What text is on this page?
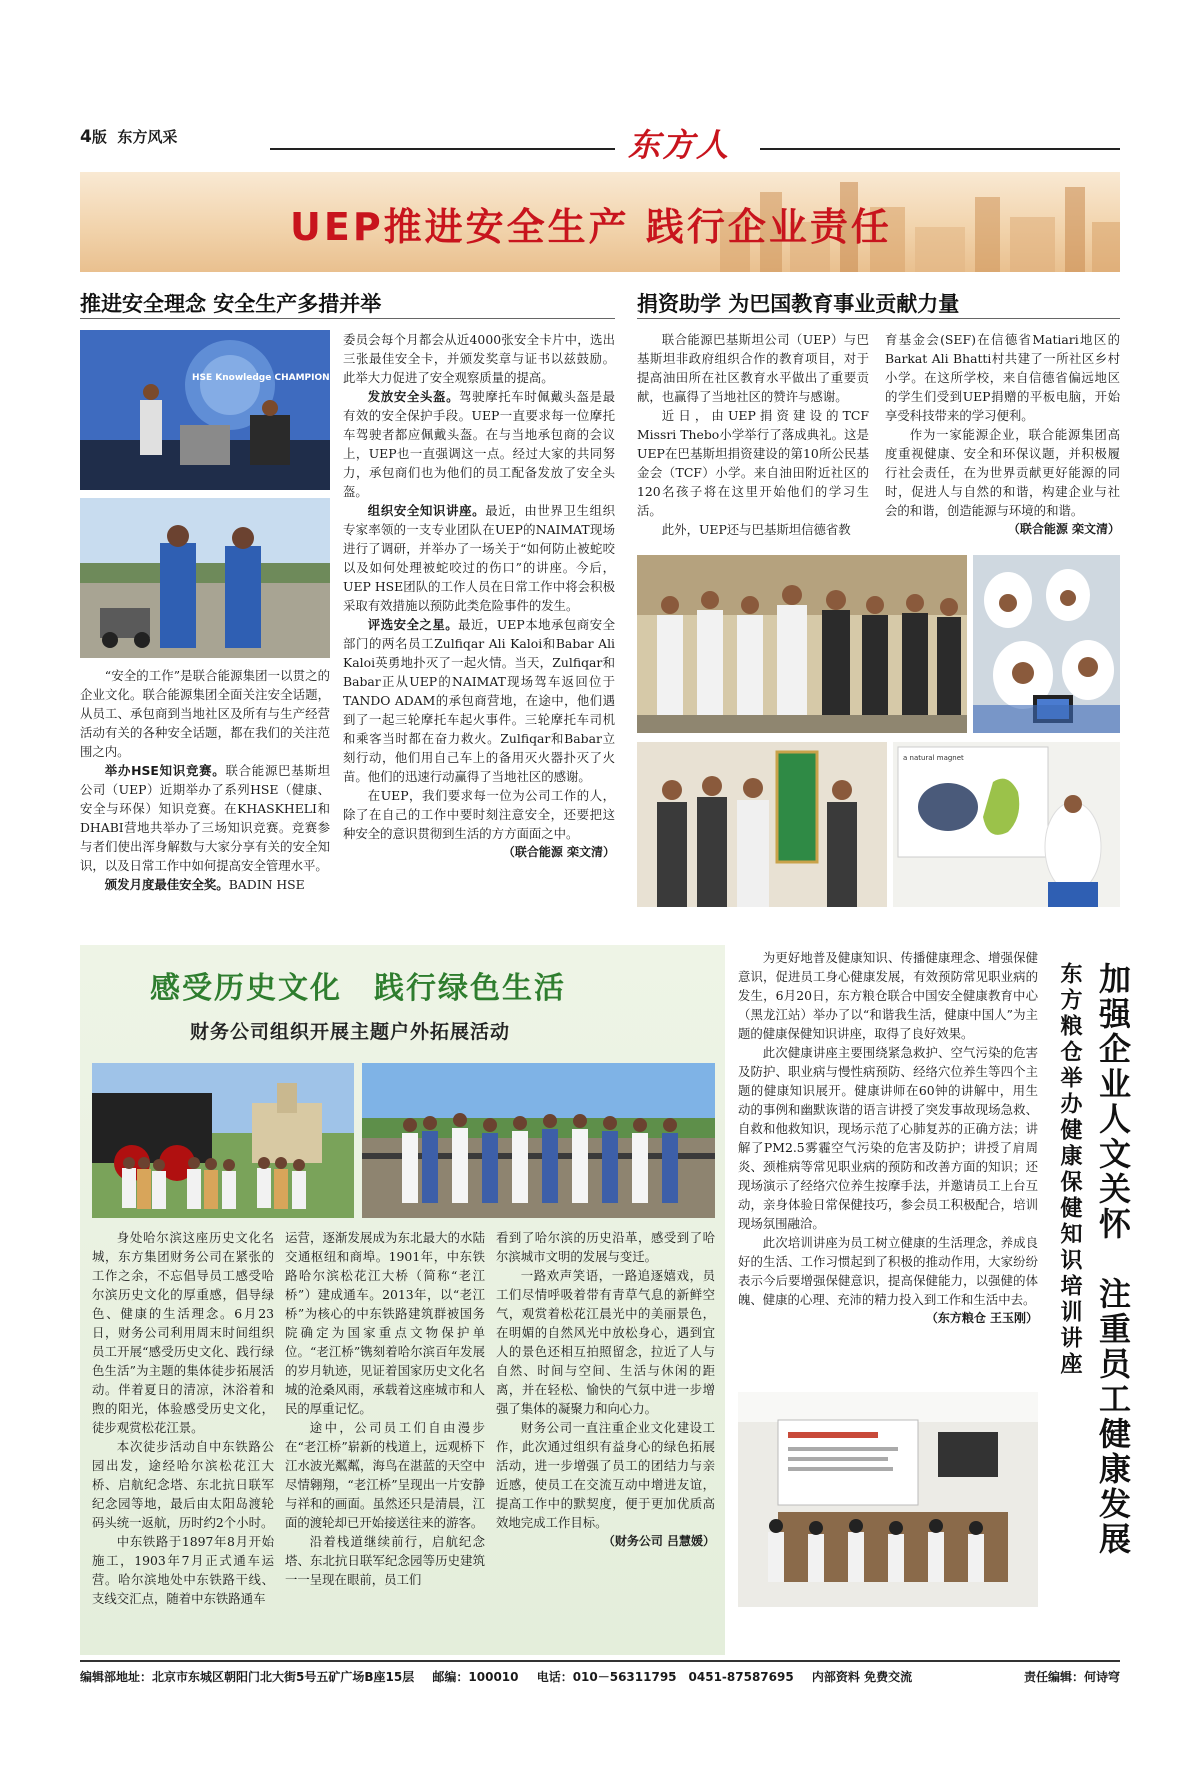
4版 东方风采	东方人
UEP推进安全生产 践行企业责任
推进安全理念 安全生产多措并举
HSE Knowledge CHAMPION 2017

“安全的工作”是联合能源集团一以贯之的企业文化。联合能源集团全面关注安全话题，从员工、承包商到当地社区及所有与生产经营活动有关的各种安全话题，都在我们的关注范围之内。

举办HSE知识竞赛。联合能源巴基斯坦公司（UEP）近期举办了系列HSE（健康、安全与环保）知识竞赛。在KHASKHELI和DHABI营地共举办了三场知识竞赛。竞赛参与者们使出浑身解数与大家分享有关的安全知识，以及日常工作中如何提高安全管理水平。

颁发月度最佳安全奖。BADIN HSE

委员会每个月都会从近4000张安全卡片中，选出三张最佳安全卡，并颁发奖章与证书以兹鼓励。此举大力促进了安全观察质量的提高。

发放安全头盔。驾驶摩托车时佩戴头盔是最有效的安全保护手段。UEP一直要求每一位摩托车驾驶者都应佩戴头盔。在与当地承包商的会议上，UEP也一直强调这一点。经过大家的共同努力，承包商们也为他们的员工配备发放了安全头盔。

组织安全知识讲座。最近，由世界卫生组织专家率领的一支专业团队在UEP的NAIMAT现场进行了调研，并举办了一场关于“如何防止被蛇咬以及如何处理被蛇咬过的伤口”的讲座。今后，UEP HSE团队的工作人员在日常工作中将会积极采取有效措施以预防此类危险事件的发生。

评选安全之星。最近，UEP本地承包商安全部门的两名员工Zulfiqar Ali Kaloi和Babar Ali Kaloi英勇地扑灭了一起火情。当天，Zulfiqar和Babar正从UEP的NAIMAT现场驾车返回位于TANDO ADAM的承包商营地，在途中，他们遇到了一起三轮摩托车起火事件。三轮摩托车司机和乘客当时都在奋力救火。Zulfiqar和Babar立刻行动，他们用自己车上的备用灭火器扑灭了火苗。他们的迅速行动赢得了当地社区的感谢。

在UEP，我们要求每一位为公司工作的人，除了在自己的工作中要时刻注意安全，还要把这种安全的意识贯彻到生活的方方面面之中。

（联合能源 栾文清）
捐资助学 为巴国教育事业贡献力量

联合能源巴基斯坦公司（UEP）与巴基斯坦非政府组织合作的教育项目，对于提高油田所在社区教育水平做出了重要贡献，也赢得了当地社区的赞许与感谢。

近日，由UEP捐资建设的TCF Missri Thebo小学举行了落成典礼。这是UEP在巴基斯坦捐资建设的第10所公民基金会（TCF）小学。来自油田附近社区的120名孩子将在这里开始他们的学习生活。

此外，UEP还与巴基斯坦信德省教

育基金会(SEF)在信德省Matiari地区的Barkat Ali Bhatti村共建了一所社区乡村小学。在这所学校，来自信德省偏远地区的学生们受到UEP捐赠的平板电脑，开始享受科技带来的学习便利。

作为一家能源企业，联合能源集团高度重视健康、安全和环保议题，并积极履行社会责任，在为世界贡献更好能源的同时，促进人与自然的和谐，构建企业与社会的和谐，创造能源与环境的和谐。

（联合能源 栾文清）
a natural magnet
感受历史文化　践行绿色生活
财务公司组织开展主题户外拓展活动

身处哈尔滨这座历史文化名城，东方集团财务公司在紧张的工作之余，不忘倡导员工感受哈尔滨历史文化的厚重感，倡导绿色、健康的生活理念。6月23日，财务公司利用周末时间组织员工开展“感受历史文化、践行绿色生活”为主题的集体徒步拓展活动。伴着夏日的清凉，沐浴着和煦的阳光，体验感受历史文化，徒步观赏松花江景。

本次徒步活动自中东铁路公园出发，途经哈尔滨松花江大桥、启航纪念塔、东北抗日联军纪念园等地，最后由太阳岛渡轮码头统一返航，历时约2个小时。

中东铁路于1897年8月开始施工，1903年7月正式通车运营。哈尔滨地处中东铁路干线、支线交汇点，随着中东铁路通车

运营，逐渐发展成为东北最大的水陆交通枢纽和商埠。1901年，中东铁路哈尔滨松花江大桥（简称“老江桥”）建成通车。2013年，以“老江桥”为核心的中东铁路建筑群被国务院确定为国家重点文物保护单位。“老江桥”镌刻着哈尔滨百年发展的岁月轨迹，见证着国家历史文化名城的沧桑风雨，承载着这座城市和人民的厚重记忆。

途中，公司员工们自由漫步在“老江桥”崭新的栈道上，远观桥下江水波光粼粼，海鸟在湛蓝的天空中尽情翱翔，“老江桥”呈现出一片安静与祥和的画面。虽然还只是清晨，江面的渡轮却已开始接送往来的游客。

沿着栈道继续前行，启航纪念塔、东北抗日联军纪念园等历史建筑一一呈现在眼前，员工们

看到了哈尔滨的历史沿革，感受到了哈尔滨城市文明的发展与变迁。

一路欢声笑语，一路追逐嬉戏，员工们尽情呼吸着带有青草气息的新鲜空气，观赏着松花江晨光中的美丽景色，在明媚的自然风光中放松身心，遇到宜人的景色还相互拍照留念，拉近了人与自然、时间与空间、生活与休闲的距离，并在轻松、愉快的气氛中进一步增强了集体的凝聚力和向心力。

财务公司一直注重企业文化建设工作，此次通过组织有益身心的绿色拓展活动，进一步增强了员工的团结力与亲近感，使员工在交流互动中增进友谊，提高工作中的默契度，便于更加优质高效地完成工作目标。

（财务公司 吕慧媛）

为更好地普及健康知识、传播健康理念、增强保健意识，促进员工身心健康发展，有效预防常见职业病的发生，6月20日，东方粮仓联合中国安全健康教育中心（黑龙江站）举办了以“和谐我生活，健康中国人”为主题的健康保健知识讲座，取得了良好效果。

此次健康讲座主要围绕紧急救护、空气污染的危害及防护、职业病与慢性病预防、经络穴位养生等四个主题的健康知识展开。健康讲师在60钟的讲解中，用生动的事例和幽默诙谐的语言讲授了突发事故现场急救、自救和他救知识，现场示范了心肺复苏的正确方法；讲解了PM2.5雾霾空气污染的危害及防护；讲授了肩周炎、颈椎病等常见职业病的预防和改善方面的知识；还现场演示了经络穴位养生按摩手法，并邀请员工上台互动，亲身体验日常保健技巧，参会员工积极配合，培训现场氛围融洽。

此次培训讲座为员工树立健康的生活理念，养成良好的生活、工作习惯起到了积极的推动作用，大家纷纷表示今后要增强保健意识，提高保健能力，以强健的体魄、健康的心理、充沛的精力投入到工作和生活中去。

（东方粮仓 王玉刚） 加强企业人文关怀　注重员工健康发展
东方粮仓举办健康保健知识培训讲座
编辑部地址：北京市东城区朝阳门北大街5号五矿广场B座15层 邮编：100010 电话：010－56311795　0451-87587695 内部资料 免费交流	责任编辑：何诗穹
